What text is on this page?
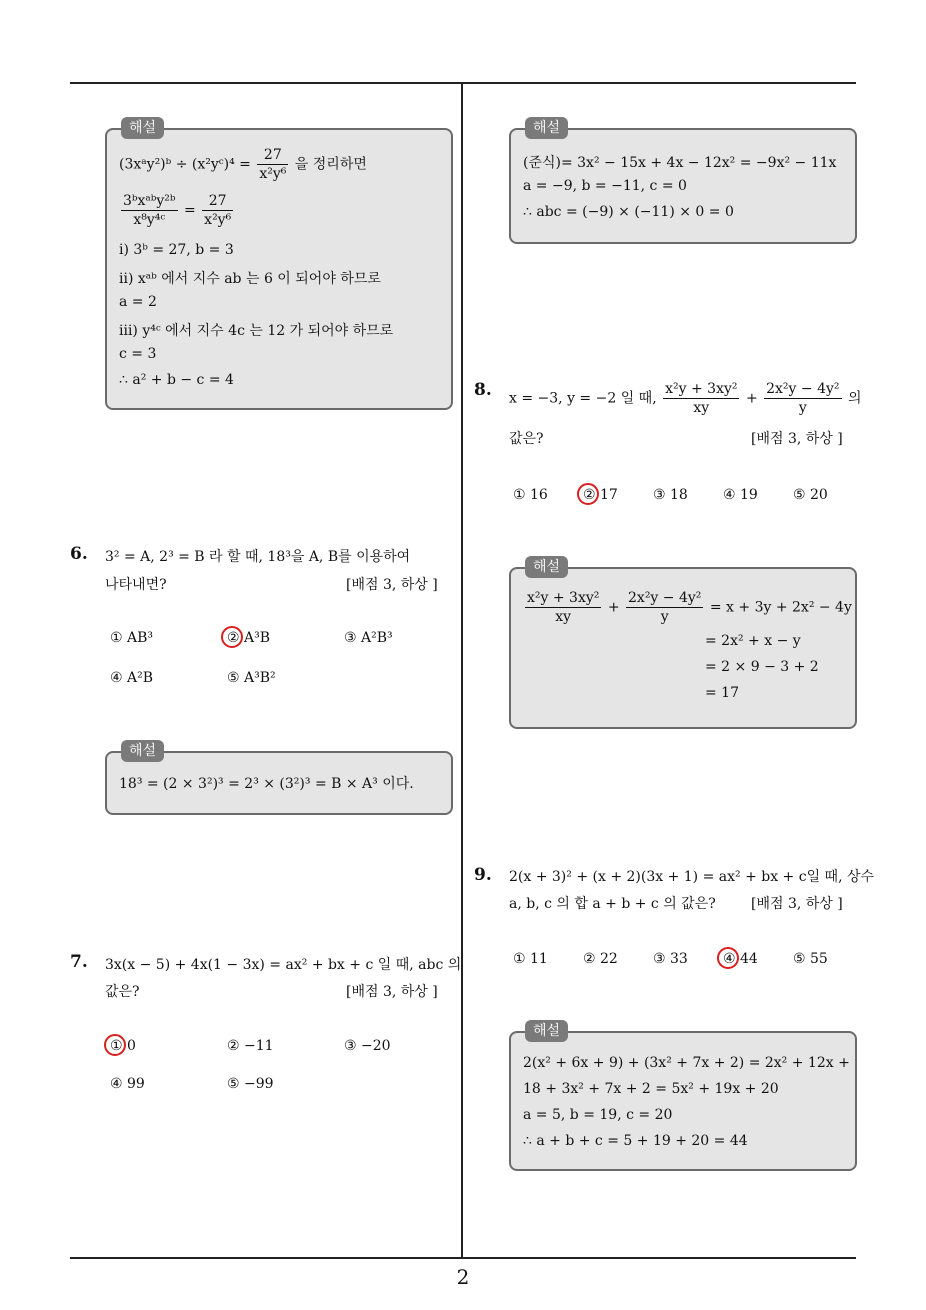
2
해설
(3xᵃy²)ᵇ ÷ (x²yᶜ)⁴ = $\frac{27}{\text{x²y⁶}}$ 을 정리하면
$\frac{\text{3ᵇxᵃᵇy²ᵇ}}{\text{x⁸y⁴ᶜ}} = \frac{27}{\text{x²y⁶}}$
ⅰ) 3ᵇ = 27, b = 3
ⅱ) xᵃᵇ 에서 지수 ab 는 6 이 되어야 하므로
a = 2
ⅲ) y⁴ᶜ 에서 지수 4c 는 12 가 되어야 하므로
c = 3
∴ a² + b − c = 4
6. 3² = A, 2³ = B 라 할 때, 18³을 A, B를 이용하여
나타내면?	[배점 3, 하상 ]
① AB³	② A³B	③ A²B³
④ A²B	⑤ A³B²
해설
18³ = (2 × 3²)³ = 2³ × (3²)³ = B × A³ 이다.
7. 3x(x − 5) + 4x(1 − 3x) = ax² + bx + c 일 때, abc 의
값은?	[배점 3, 하상 ]
① 0	② −11	③ −20
④ 99	⑤ −99
해설
(준식)= 3x² − 15x + 4x − 12x² = −9x² − 11x
a = −9, b = −11, c = 0
∴ abc = (−9) × (−11) × 0 = 0
8. x = −3, y = −2 일 때, $\frac{\text{x²y + 3xy²}}{xy} + \frac{\text{2x²y − 4y²}}{y}$ 의
값은?	[배점 3, 하상 ]
① 16	② 17	③ 18	④ 19	⑤ 20
해설
$\frac{\text{x²y + 3xy²}}{xy} + \frac{\text{2x²y − 4y²}}{y} = x + 3y + 2x^2 - 4y$
= 2x² + x − y
= 2 × 9 − 3 + 2
= 17
9. 2(x + 3)² + (x + 2)(3x + 1) = ax² + bx + c일 때, 상수
a, b, c 의 합 a + b + c 의 값은?	[배점 3, 하상 ]
① 11	② 22	③ 33	④ 44	⑤ 55
해설
2(x² + 6x + 9) + (3x² + 7x + 2) = 2x² + 12x +
18 + 3x² + 7x + 2 = 5x² + 19x + 20
a = 5, b = 19, c = 20
∴ a + b + c = 5 + 19 + 20 = 44
